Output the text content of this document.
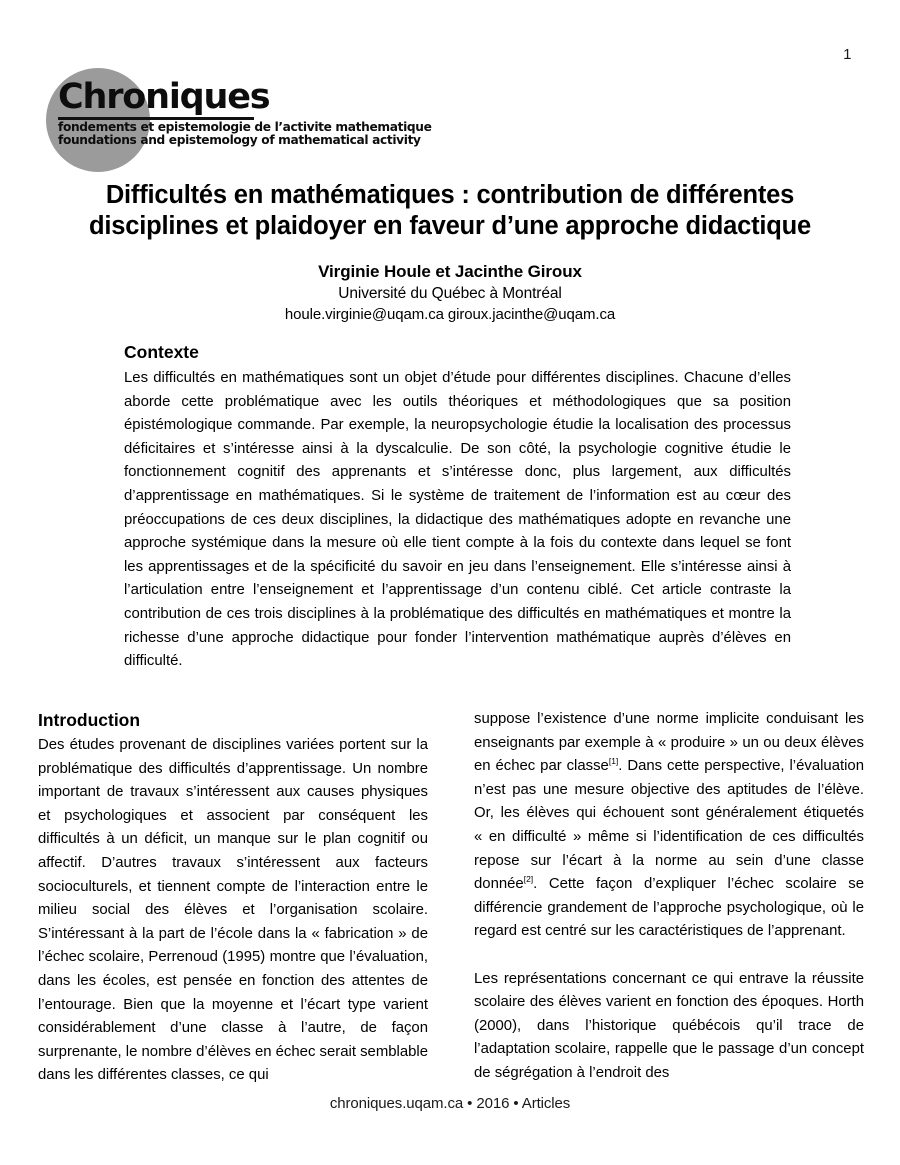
1
Chroniques
fondements et epistemologie de l’activite mathematique
foundations and epistemology of mathematical activity
Difficultés en mathématiques : contribution de différentes disciplines et plaidoyer en faveur d’une approche didactique
Virginie Houle et Jacinthe Giroux
Université du Québec à Montréal
houle.virginie@uqam.ca giroux.jacinthe@uqam.ca
Contexte
Les difficultés en mathématiques sont un objet d’étude pour différentes disciplines. Chacune d’elles aborde cette problématique avec les outils théoriques et méthodologiques que sa position épistémologique commande. Par exemple, la neuropsychologie étudie la localisation des processus déficitaires et s’intéresse ainsi à la dyscalculie. De son côté, la psychologie cognitive étudie le fonctionnement cognitif des apprenants et s’intéresse donc, plus largement, aux difficultés d’apprentissage en mathématiques. Si le système de traitement de l’information est au cœur des préoccupations de ces deux disciplines, la didactique des mathématiques adopte en revanche une approche systémique dans la mesure où elle tient compte à la fois du contexte dans lequel se font les apprentissages et de la spécificité du savoir en jeu dans l’enseignement. Elle s’intéresse ainsi à l’articulation entre l’enseignement et l’apprentissage d’un contenu ciblé. Cet article contraste la contribution de ces trois disciplines à la problématique des difficultés en mathématiques et montre la richesse d’une approche didactique pour fonder l’intervention mathématique auprès d’élèves en difficulté.
Introduction

Des études provenant de disciplines variées portent sur la problématique des difficultés d’apprentissage. Un nombre important de travaux s’intéressent aux causes physiques et psychologiques et associent par conséquent les difficultés à un déficit, un manque sur le plan cognitif ou affectif. D’autres travaux s’intéressent aux facteurs socioculturels, et tiennent compte de l’interaction entre le milieu social des élèves et l’organisation scolaire. S’intéressant à la part de l’école dans la « fabrication » de l’échec scolaire, Perrenoud (1995) montre que l’évaluation, dans les écoles, est pensée en fonction des attentes de l’entourage. Bien que la moyenne et l’écart type varient considérablement d’une classe à l’autre, de façon surprenante, le nombre d’élèves en échec serait semblable dans les différentes classes, ce qui

suppose l’existence d’une norme implicite conduisant les enseignants par exemple à « produire » un ou deux élèves en échec par classe[1]. Dans cette perspective, l’évaluation n’est pas une mesure objective des aptitudes de l’élève. Or, les élèves qui échouent sont généralement étiquetés « en difficulté » même si l’identification de ces difficultés repose sur l’écart à la norme au sein d’une classe donnée[2]. Cette façon d’expliquer l’échec scolaire se différencie grandement de l’approche psychologique, où le regard est centré sur les caractéristiques de l’apprenant.

Les représentations concernant ce qui entrave la réussite scolaire des élèves varient en fonction des époques. Horth (2000), dans l’historique québécois qu’il trace de l’adaptation scolaire, rappelle que le passage d’un concept de ségrégation à l’endroit des

chroniques.uqam.ca • 2016 • Articles
